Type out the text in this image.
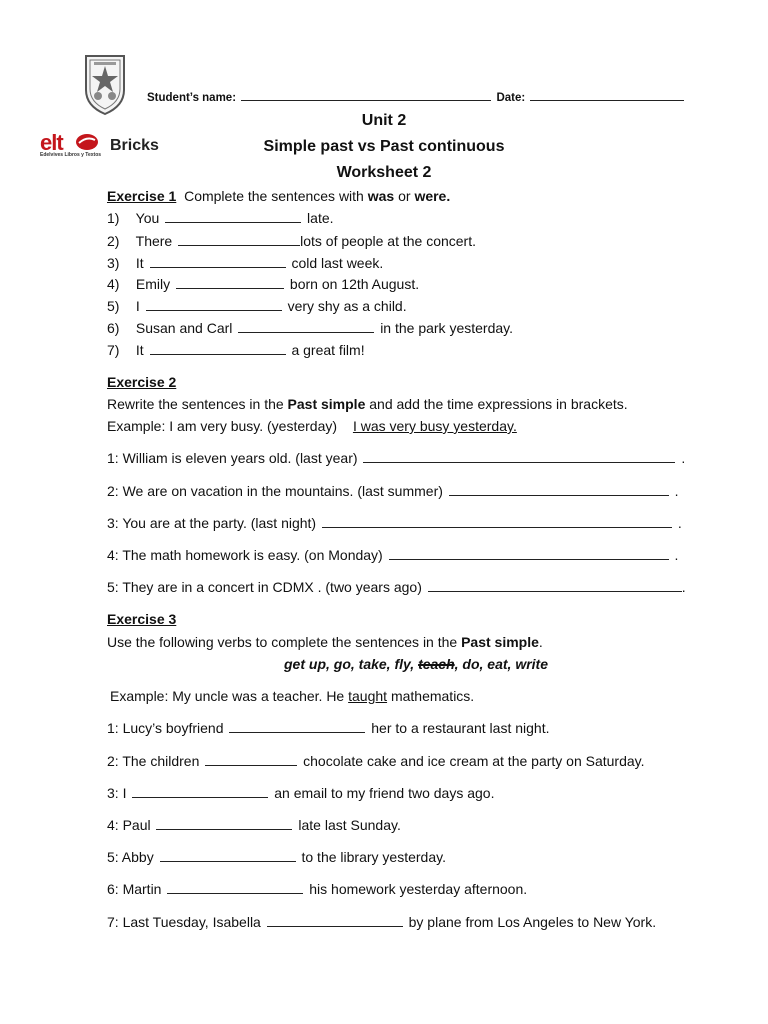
Student’s name:	Date:
elt
Edelvives Libros y Textos
Bricks
Unit 2
Simple past vs Past continuous
Worksheet 2
Exercise 1 Complete the sentences with was or were.
1) You	late.
2) There	lots of people at the concert.
3) It	cold last week.
4) Emily	born on 12th August.
5) I	very shy as a child.
6) Susan and Carl	in the park yesterday.
7) It	a great film!
Exercise 2
Rewrite the sentences in the Past simple and add the time expressions in brackets.
Example: I am very busy. (yesterday) I was very busy yesterday.
1: William is eleven years old. (last year)	.
2: We are on vacation in the mountains. (last summer)	.
3: You are at the party. (last night)	.
4: The math homework is easy. (on Monday)	.
5: They are in a concert in CDMX . (two years ago)	.
Exercise 3
Use the following verbs to complete the sentences in the Past simple.
get up, go, take, fly, teach, do, eat, write
Example: My uncle was a teacher. He taught mathematics.
1: Lucy’s boyfriend	her to a restaurant last night.
2: The children	chocolate cake and ice cream at the party on Saturday.
3: I	an email to my friend two days ago.
4: Paul	late last Sunday.
5: Abby	to the library yesterday.
6: Martin	his homework yesterday afternoon.
7: Last Tuesday, Isabella	by plane from Los Angeles to New York.
